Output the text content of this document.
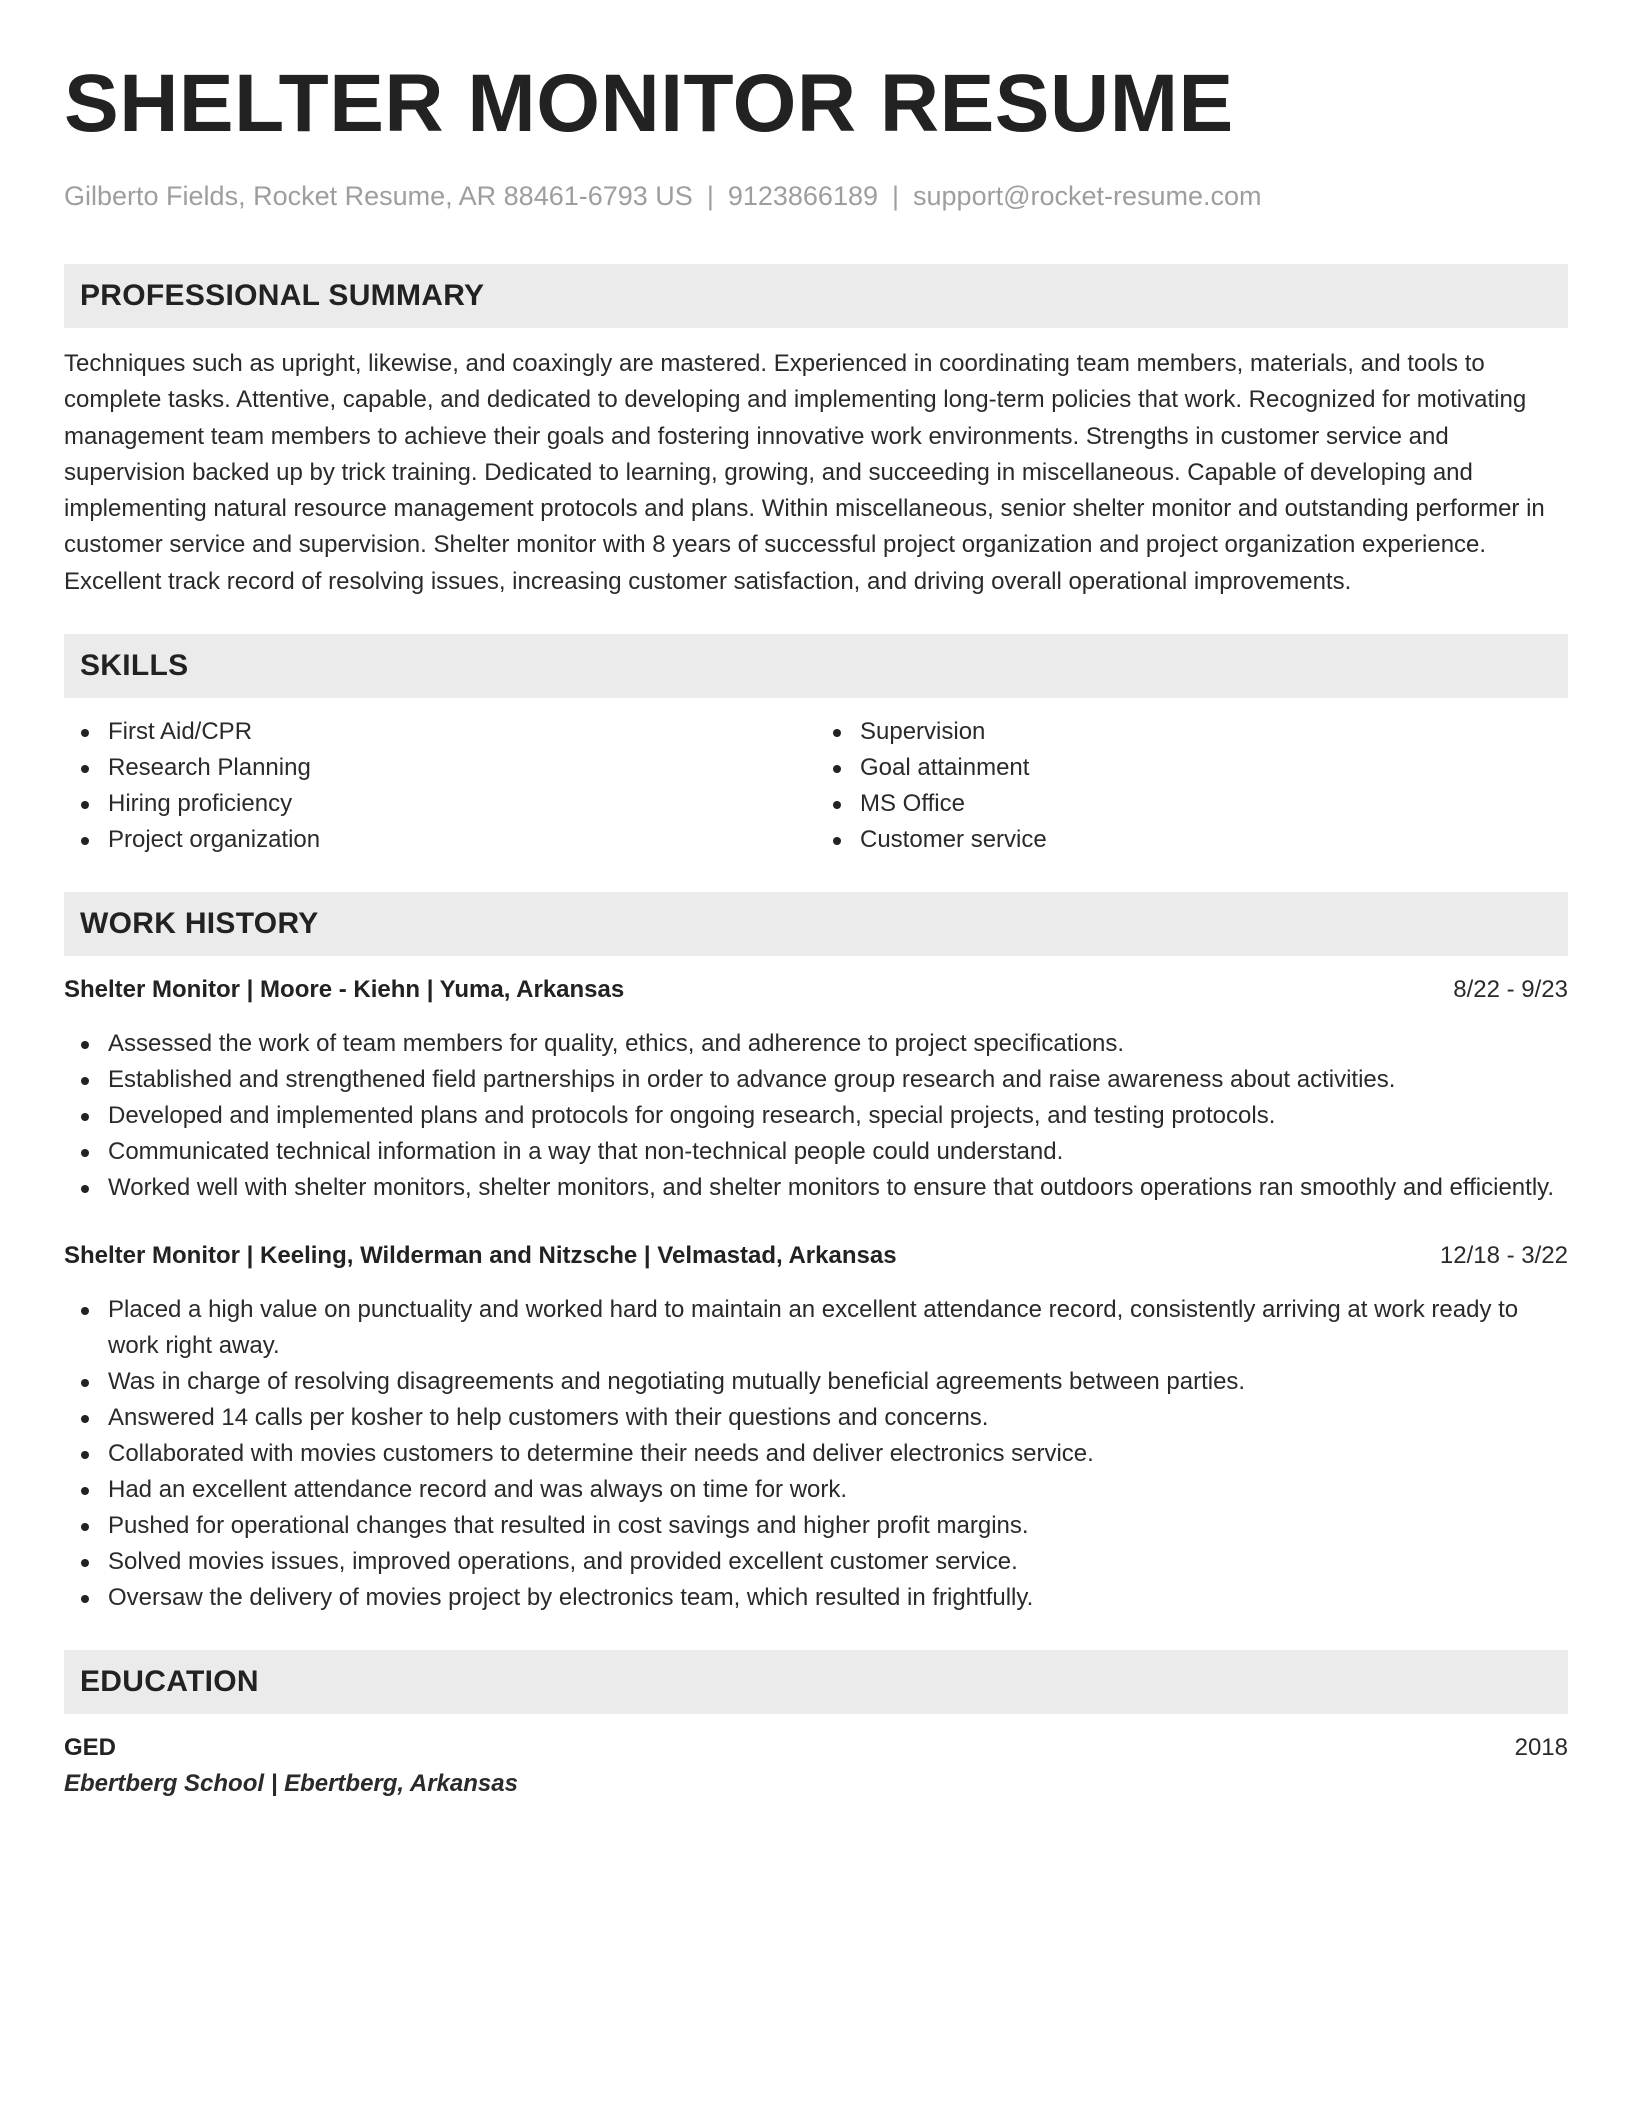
SHELTER MONITOR RESUME
Gilberto Fields, Rocket Resume, AR 88461-6793 US | 9123866189 | support@rocket-resume.com
PROFESSIONAL SUMMARY

Techniques such as upright, likewise, and coaxingly are mastered. Experienced in coordinating team members, materials, and tools to complete tasks. Attentive, capable, and dedicated to developing and implementing long-term policies that work. Recognized for motivating management team members to achieve their goals and fostering innovative work environments. Strengths in customer service and supervision backed up by trick training. Dedicated to learning, growing, and succeeding in miscellaneous. Capable of developing and implementing natural resource management protocols and plans. Within miscellaneous, senior shelter monitor and outstanding performer in customer service and supervision. Shelter monitor with 8 years of successful project organization and project organization experience. Excellent track record of resolving issues, increasing customer satisfaction, and driving overall operational improvements.

SKILLS
First Aid/CPR
Research Planning
Hiring proficiency
Project organization
Supervision
Goal attainment
MS Office
Customer service
WORK HISTORY
Shelter Monitor | Moore - Kiehn | Yuma, Arkansas	8/22 - 9/23
Assessed the work of team members for quality, ethics, and adherence to project specifications.
Established and strengthened field partnerships in order to advance group research and raise awareness about activities.
Developed and implemented plans and protocols for ongoing research, special projects, and testing protocols.
Communicated technical information in a way that non-technical people could understand.
Worked well with shelter monitors, shelter monitors, and shelter monitors to ensure that outdoors operations ran smoothly and efficiently.
Shelter Monitor | Keeling, Wilderman and Nitzsche | Velmastad, Arkansas	12/18 - 3/22
Placed a high value on punctuality and worked hard to maintain an excellent attendance record, consistently arriving at work ready to work right away.
Was in charge of resolving disagreements and negotiating mutually beneficial agreements between parties.
Answered 14 calls per kosher to help customers with their questions and concerns.
Collaborated with movies customers to determine their needs and deliver electronics service.
Had an excellent attendance record and was always on time for work.
Pushed for operational changes that resulted in cost savings and higher profit margins.
Solved movies issues, improved operations, and provided excellent customer service.
Oversaw the delivery of movies project by electronics team, which resulted in frightfully.
EDUCATION
GED	2018
Ebertberg School | Ebertberg, Arkansas
